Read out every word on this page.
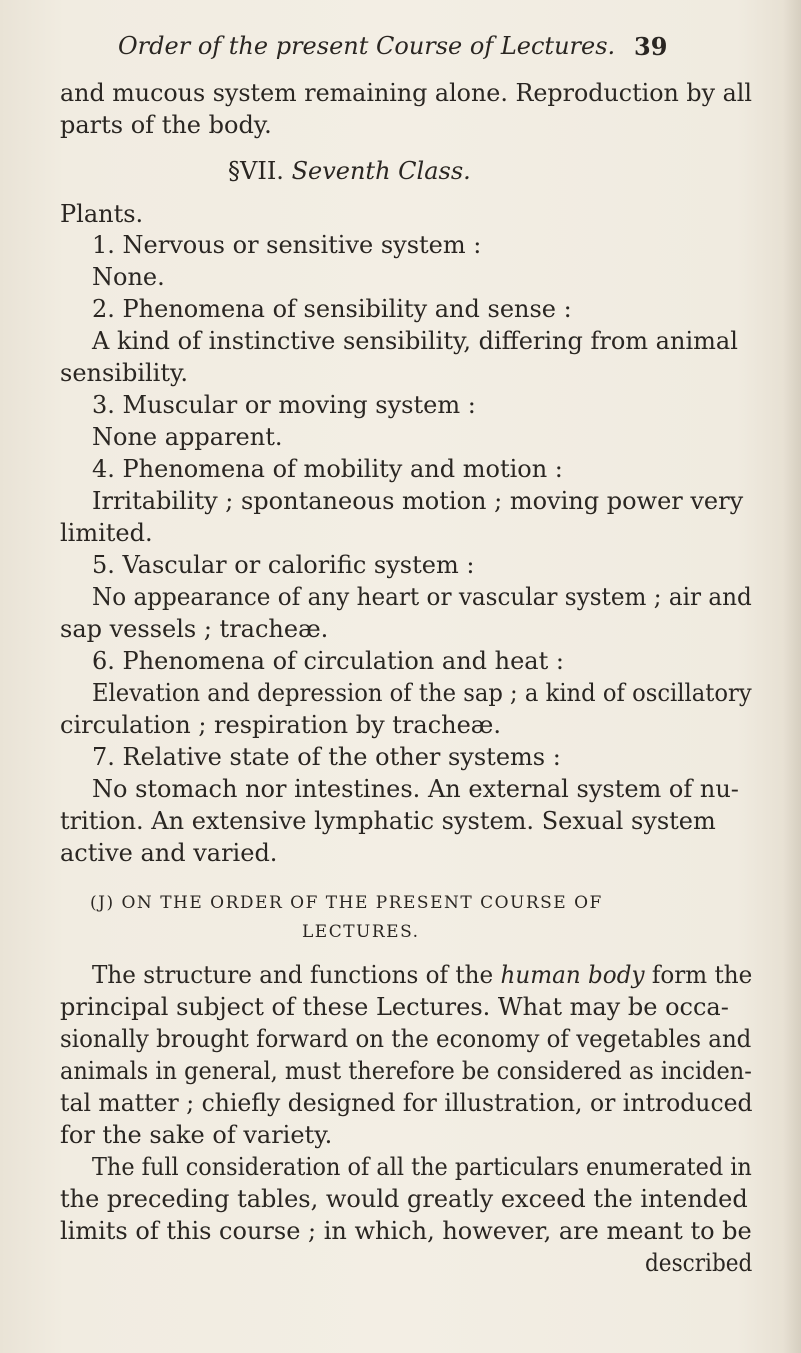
Order of the present Course of Lectures. 39
and mucous system remaining alone. Reproduction by all
parts of the body.
§VII. Seventh Class.
Plants.
1. Nervous or sensitive system :
None.
2. Phenomena of sensibility and sense :
A kind of instinctive sensibility, differing from animal
sensibility.
3. Muscular or moving system :
None apparent.
4. Phenomena of mobility and motion :
Irritability ; spontaneous motion ; moving power very
limited.
5. Vascular or calorific system :
No appearance of any heart or vascular system ; air and
sap vessels ; tracheæ.
6. Phenomena of circulation and heat :
Elevation and depression of the sap ; a kind of oscillatory
circulation ; respiration by tracheæ.
7. Relative state of the other systems :
No stomach nor intestines. An external system of nu-
trition. An extensive lymphatic system. Sexual system
active and varied.
(J) ON THE ORDER OF THE PRESENT COURSE OF
LECTURES.
The structure and functions of the human body form the
principal subject of these Lectures. What may be occa-
sionally brought forward on the economy of vegetables and
animals in general, must therefore be considered as inciden-
tal matter ; chiefly designed for illustration, or introduced
for the sake of variety.
The full consideration of all the particulars enumerated in
the preceding tables, would greatly exceed the intended
limits of this course ; in which, however, are meant to be
described
